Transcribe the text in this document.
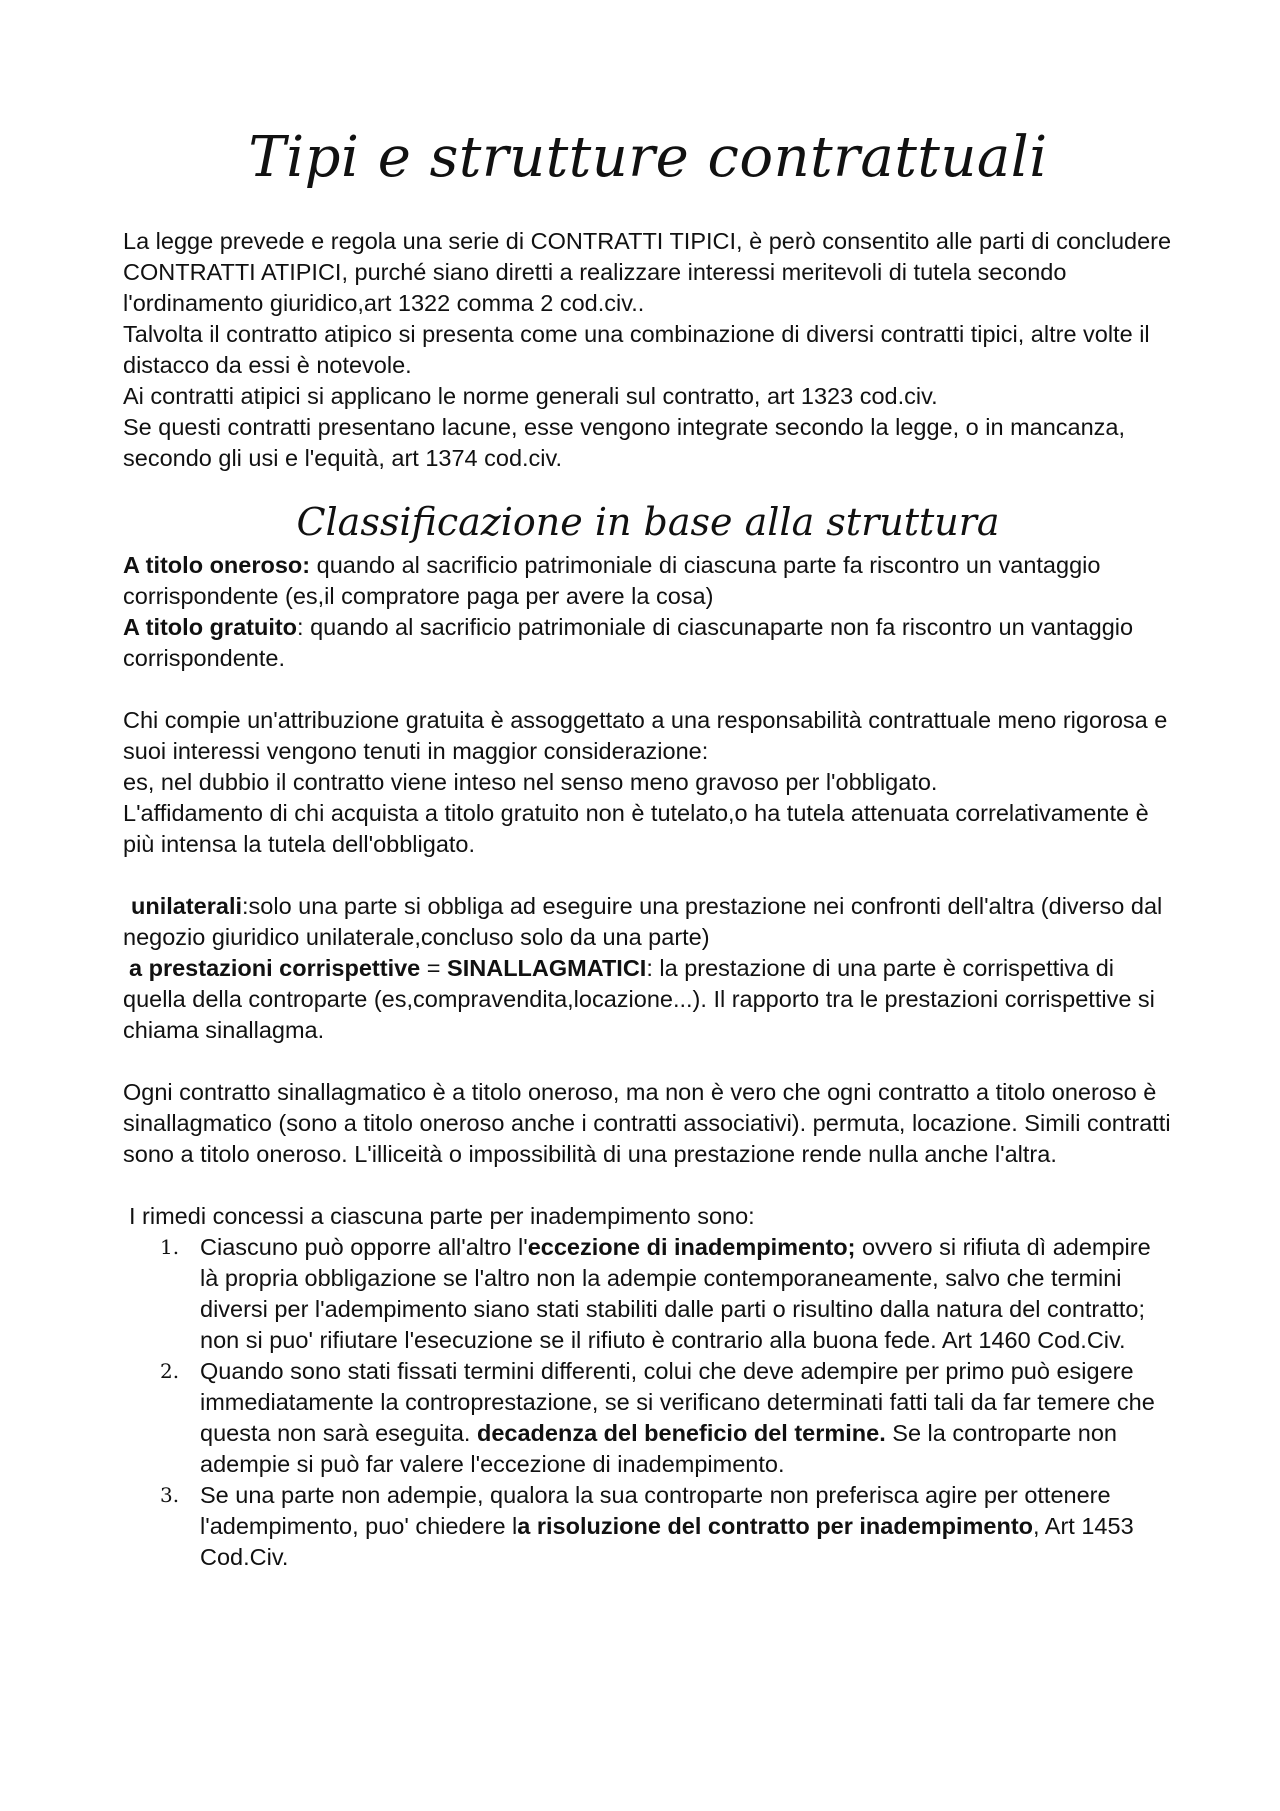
Tipi e strutture contrattuali

La legge prevede e regola una serie di CONTRATTI TIPICI, è però consentito alle parti di concludere CONTRATTI ATIPICI, purché siano diretti a realizzare interessi meritevoli di tutela secondo l'ordinamento giuridico,art 1322 comma 2 cod.civ..

Talvolta il contratto atipico si presenta come una combinazione di diversi contratti tipici, altre volte il distacco da essi è notevole.

Ai contratti atipici si applicano le norme generali sul contratto, art 1323 cod.civ.

Se questi contratti presentano lacune, esse vengono integrate secondo la legge, o in mancanza, secondo gli usi e l'equità, art 1374 cod.civ.

Classificazione in base alla struttura

A titolo oneroso: quando al sacrificio patrimoniale di ciascuna parte fa riscontro un vantaggio corrispondente (es,il compratore paga per avere la cosa)

A titolo gratuito: quando al sacrificio patrimoniale di ciascunaparte non fa riscontro un vantaggio corrispondente.

Chi compie un'attribuzione gratuita è assoggettato a una responsabilità contrattuale meno rigorosa e suoi interessi vengono tenuti in maggior considerazione:

es, nel dubbio il contratto viene inteso nel senso meno gravoso per l'obbligato.

L'affidamento di chi acquista a titolo gratuito non è tutelato,o ha tutela attenuata correlativamente è più intensa la tutela dell'obbligato.

unilaterali:solo una parte si obbliga ad eseguire una prestazione nei confronti dell'altra (diverso dal negozio giuridico unilaterale,concluso solo da una parte)

a prestazioni corrispettive = SINALLAGMATICI: la prestazione di una parte è corrispettiva di quella della controparte (es,compravendita,locazione...). Il rapporto tra le prestazioni corrispettive si chiama sinallagma.

Ogni contratto sinallagmatico è a titolo oneroso, ma non è vero che ogni contratto a titolo oneroso è sinallagmatico (sono a titolo oneroso anche i contratti associativi). permuta, locazione. Simili contratti sono a titolo oneroso. L'illiceità o impossibilità di una prestazione rende nulla anche l'altra.

I rimedi concessi a ciascuna parte per inadempimento sono:

1. Ciascuno può opporre all'altro l'eccezione di inadempimento; ovvero si rifiuta dì adempire là propria obbligazione se l'altro non la adempie contemporaneamente, salvo che termini diversi per l'adempimento siano stati stabiliti dalle parti o risultino dalla natura del contratto; non si puo' rifiutare l'esecuzione se il rifiuto è contrario alla buona fede. Art 1460 Cod.Civ.
2. Quando sono stati fissati termini differenti, colui che deve adempire per primo può esigere immediatamente la controprestazione, se si verificano determinati fatti tali da far temere che questa non sarà eseguita. decadenza del beneficio del termine. Se la controparte non adempie si può far valere l'eccezione di inadempimento.
3. Se una parte non adempie, qualora la sua controparte non preferisca agire per ottenere l'adempimento, puo' chiedere la risoluzione del contratto per inadempimento, Art 1453 Cod.Civ.
